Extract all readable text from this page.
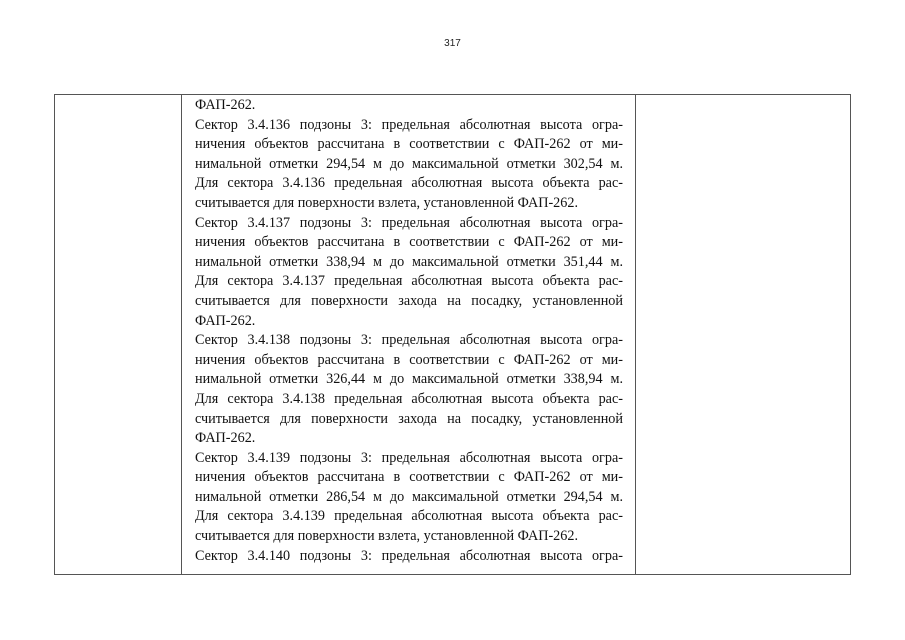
317

ФАП-262.
Сектор 3.4.136 подзоны 3: предельная абсолютная высота огра-
ничения объектов рассчитана в соответствии с ФАП-262 от ми-
нимальной отметки 294,54 м до максимальной отметки 302,54 м.
Для сектора 3.4.136 предельная абсолютная высота объекта рас-
считывается для поверхности взлета, установленной ФАП-262.
Сектор 3.4.137 подзоны 3: предельная абсолютная высота огра-
ничения объектов рассчитана в соответствии с ФАП-262 от ми-
нимальной отметки 338,94 м до максимальной отметки 351,44 м.
Для сектора 3.4.137 предельная абсолютная высота объекта рас-
считывается для поверхности захода на посадку, установленной
ФАП-262.
Сектор 3.4.138 подзоны 3: предельная абсолютная высота огра-
ничения объектов рассчитана в соответствии с ФАП-262 от ми-
нимальной отметки 326,44 м до максимальной отметки 338,94 м.
Для сектора 3.4.138 предельная абсолютная высота объекта рас-
считывается для поверхности захода на посадку, установленной
ФАП-262.
Сектор 3.4.139 подзоны 3: предельная абсолютная высота огра-
ничения объектов рассчитана в соответствии с ФАП-262 от ми-
нимальной отметки 286,54 м до максимальной отметки 294,54 м.
Для сектора 3.4.139 предельная абсолютная высота объекта рас-
считывается для поверхности взлета, установленной ФАП-262.
Сектор 3.4.140 подзоны 3: предельная абсолютная высота огра-
